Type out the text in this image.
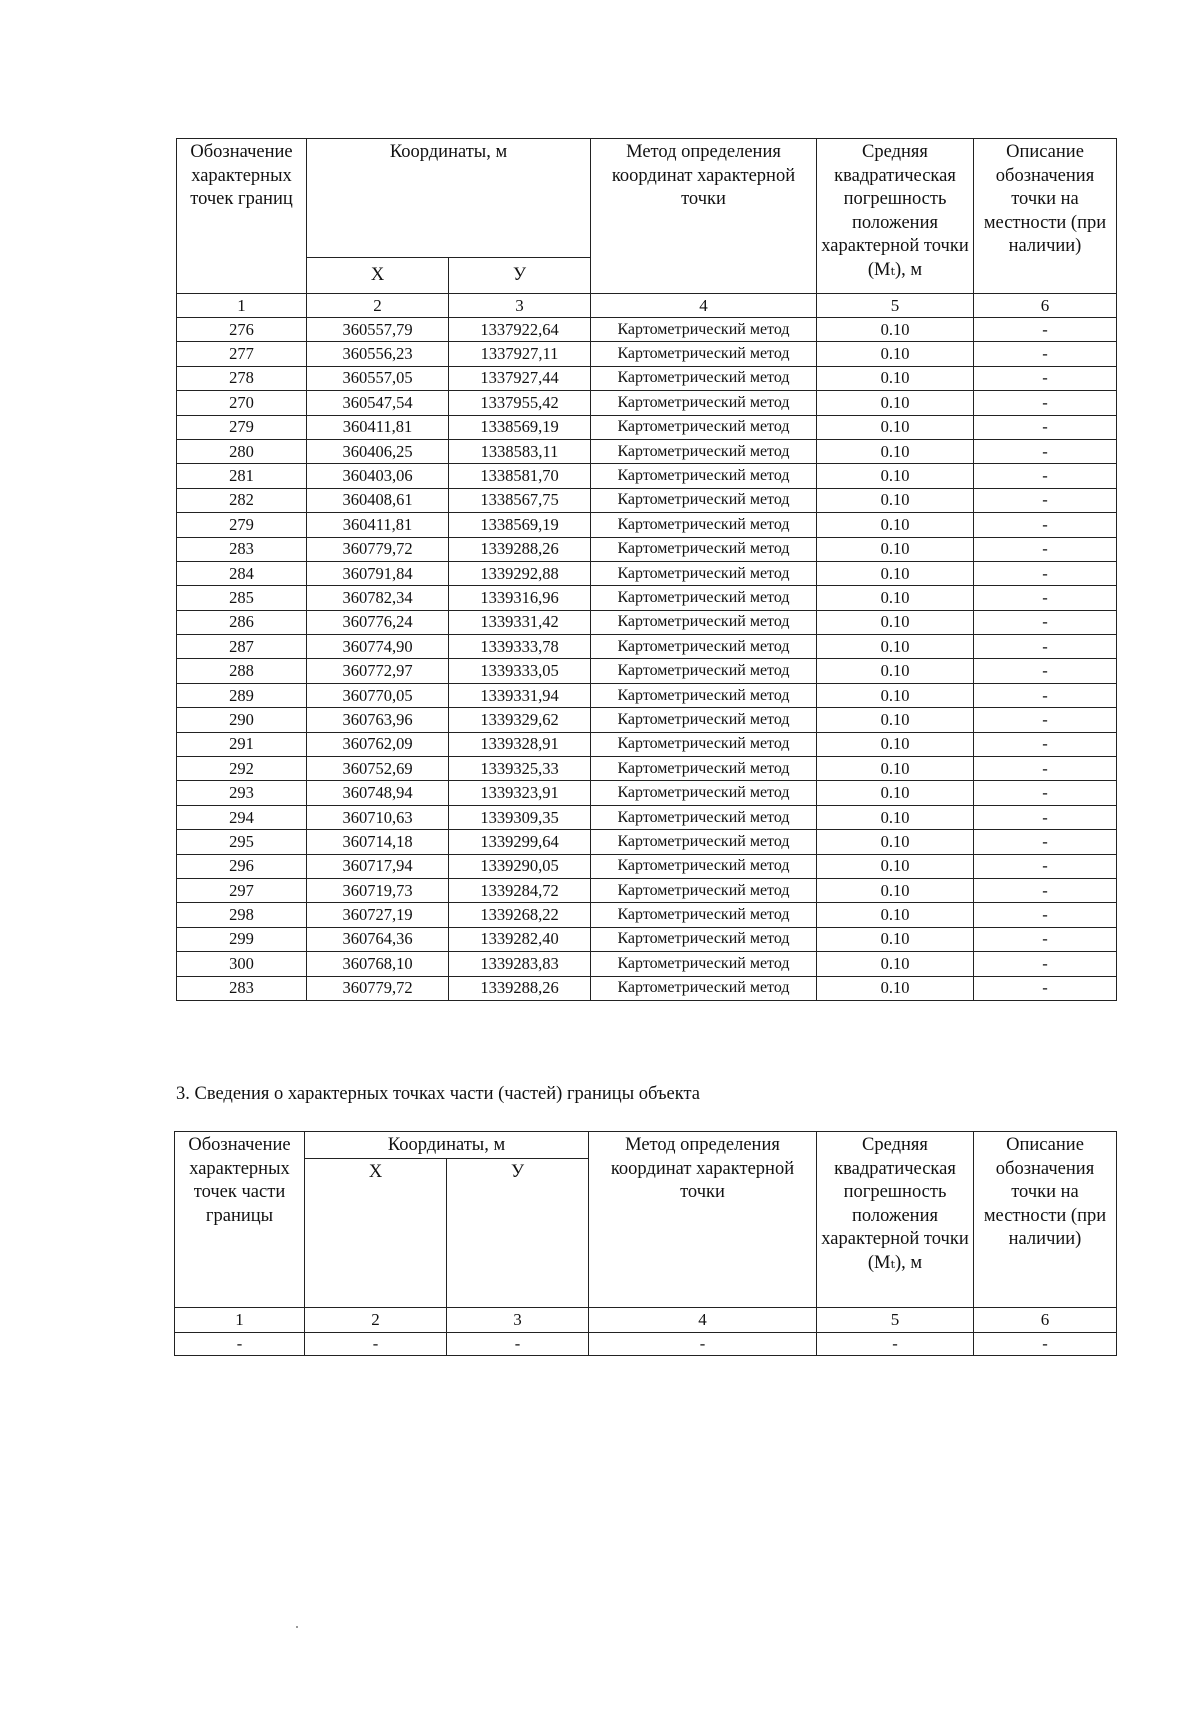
Обозначение характерных точек границ	Координаты, м		Метод определения координат характерной точки	Средняя квадратическая погрешность положения характерной точки (Mₜ), м	Описание обозначения точки на местности (при наличии)
	X	У			
1	2	3	4	5	6
276	360557,79	1337922,64	Картометрический метод	0.10	-
277	360556,23	1337927,11	Картометрический метод	0.10	-
278	360557,05	1337927,44	Картометрический метод	0.10	-
270	360547,54	1337955,42	Картометрический метод	0.10	-
279	360411,81	1338569,19	Картометрический метод	0.10	-
280	360406,25	1338583,11	Картометрический метод	0.10	-
281	360403,06	1338581,70	Картометрический метод	0.10	-
282	360408,61	1338567,75	Картометрический метод	0.10	-
279	360411,81	1338569,19	Картометрический метод	0.10	-
283	360779,72	1339288,26	Картометрический метод	0.10	-
284	360791,84	1339292,88	Картометрический метод	0.10	-
285	360782,34	1339316,96	Картометрический метод	0.10	-
286	360776,24	1339331,42	Картометрический метод	0.10	-
287	360774,90	1339333,78	Картометрический метод	0.10	-
288	360772,97	1339333,05	Картометрический метод	0.10	-
289	360770,05	1339331,94	Картометрический метод	0.10	-
290	360763,96	1339329,62	Картометрический метод	0.10	-
291	360762,09	1339328,91	Картометрический метод	0.10	-
292	360752,69	1339325,33	Картометрический метод	0.10	-
293	360748,94	1339323,91	Картометрический метод	0.10	-
294	360710,63	1339309,35	Картометрический метод	0.10	-
295	360714,18	1339299,64	Картометрический метод	0.10	-
296	360717,94	1339290,05	Картометрический метод	0.10	-
297	360719,73	1339284,72	Картометрический метод	0.10	-
298	360727,19	1339268,22	Картометрический метод	0.10	-
299	360764,36	1339282,40	Картометрический метод	0.10	-
300	360768,10	1339283,83	Картометрический метод	0.10	-
283	360779,72	1339288,26	Картометрический метод	0.10	-

3. Сведения о характерных точках части (частей) границы объекта

Обозначение характерных точек части границы	Координаты, м		Метод определения координат характерной точки	Средняя квадратическая погрешность положения характерной точки (Mₜ), м	Описание обозначения точки на местности (при наличии)
	X	У			
1	2	3	4	5	6
-	-	-	-	-	-
